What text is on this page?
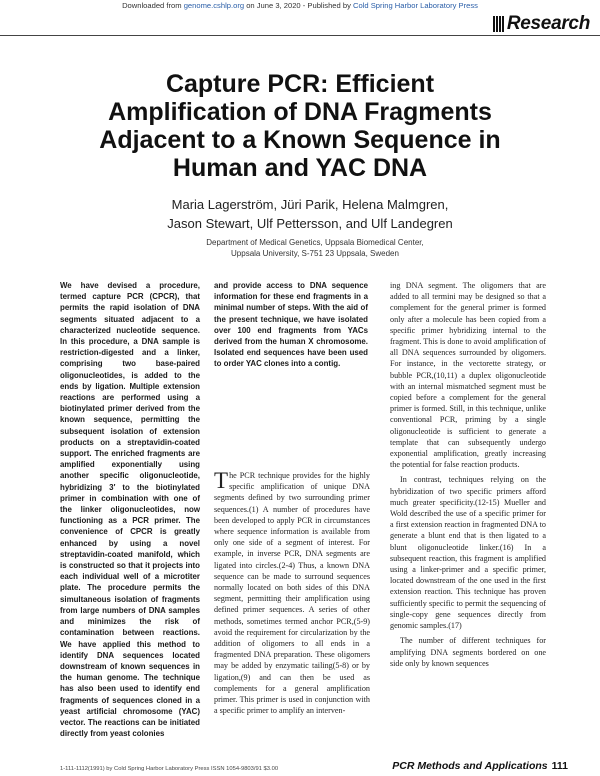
Downloaded from genome.cshlp.org on June 3, 2020 - Published by Cold Spring Harbor Laboratory Press
Research
Capture PCR: Efficient Amplification of DNA Fragments Adjacent to a Known Sequence in Human and YAC DNA
Maria Lagerström, Jüri Parik, Helena Malmgren,
Jason Stewart, Ulf Pettersson, and Ulf Landegren
Department of Medical Genetics, Uppsala Biomedical Center,
Uppsala University, S-751 23 Uppsala, Sweden
We have devised a procedure, termed capture PCR (CPCR), that permits the rapid isolation of DNA segments situated adjacent to a characterized nucleotide sequence. In this procedure, a DNA sample is restriction-digested and a linker, comprising two base-paired oligonucleotides, is added to the ends by ligation. Multiple extension reactions are performed using a biotinylated primer derived from the known sequence, permitting the subsequent isolation of extension products on a streptavidin-coated support. The enriched fragments are amplified exponentially using another specific oligonucleotide, hybridizing 3′ to the biotinylated primer in combination with one of the linker oligonucleotides, now functioning as a PCR primer. The convenience of CPCR is greatly enhanced by using a novel streptavidin-coated manifold, which is constructed so that it projects into each individual well of a microtiter plate. The procedure permits the simultaneous isolation of fragments from large numbers of DNA samples and minimizes the risk of contamination between reactions. We have applied this method to identify DNA sequences located downstream of known sequences in the human genome. The technique has also been used to identify end fragments of sequences cloned in a yeast artificial chromosome (YAC) vector. The reactions can be initiated directly from yeast colonies
and provide access to DNA sequence information for these end fragments in a minimal number of steps. With the aid of the present technique, we have isolated over 100 end fragments from YACs derived from the human X chromosome. Isolated end sequences have been used to order YAC clones into a contig.

The PCR technique provides for the highly specific amplification of unique DNA segments defined by two surrounding primer sequences.(1) A number of procedures have been developed to apply PCR in circumstances where sequence information is available from only one side of a segment of interest. For example, in inverse PCR, DNA segments are ligated into circles.(2-4) Thus, a known DNA sequence can be made to surround sequences normally located on both sides of this DNA segment, permitting their amplification using defined primer sequences. A series of other methods, sometimes termed anchor PCR,(5-9) avoid the requirement for circularization by the addition of oligomers to all ends in a fragmented DNA preparation. These oligomers may be added by enzymatic tailing(5-8) or by ligation,(9) and can then be used as complements for a general amplification primer. This primer is used in conjunction with a specific primer to amplify an interven-

ing DNA segment. The oligomers that are added to all termini may be designed so that a complement for the general primer is formed only after a molecule has been copied from a specific primer hybridizing internal to the fragment. This is done to avoid amplification of all DNA sequences surrounded by oligomers. For instance, in the vectorette strategy, or bubble PCR,(10,11) a duplex oligonucleotide with an internal mismatched segment must be copied before a complement for the general primer is formed. Still, in this technique, unlike conventional PCR, priming by a single oligonucleotide is sufficient to generate a template that can subsequently undergo exponential amplification, greatly increasing the potential for false reaction products.

In contrast, techniques relying on the hybridization of two specific primers afford much greater specificity.(12-15) Mueller and Wold described the use of a specific primer for a first extension reaction in fragmented DNA to generate a blunt end that is then ligated to a blunt oligonucleotide linker.(16) In a subsequent reaction, this fragment is amplified using a linker-primer and a specific primer, located downstream of the one used in the first extension reaction. This technique has proven sufficiently specific to permit the sequencing of single-copy gene sequences directly from genomic samples.(17)

The number of different techniques for amplifying DNA segments bordered on one side only by known sequences

1-111-1112(1991) by Cold Spring Harbor Laboratory Press ISSN 1054-9803/91 $3.00	PCR Methods and Applications 111
